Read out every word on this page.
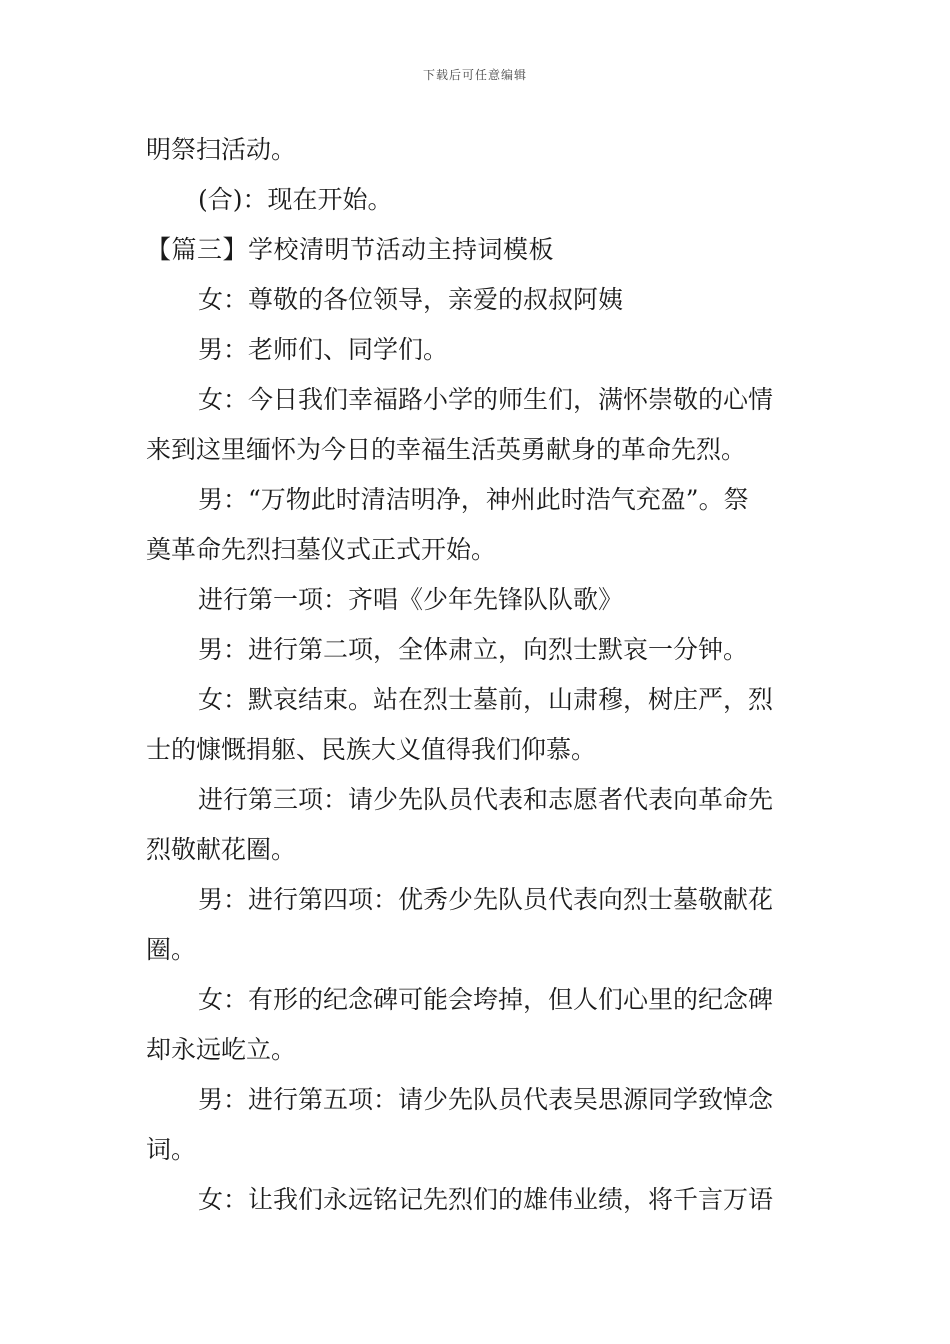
下载后可任意编辑
明祭扫活动。
(合)：现在开始。
【篇三】学校清明节活动主持词模板
女：尊敬的各位领导，亲爱的叔叔阿姨
男：老师们、同学们。
女：今日我们幸福路小学的师生们，满怀崇敬的心情
来到这里缅怀为今日的幸福生活英勇献身的革命先烈。
男：“万物此时清洁明净，神州此时浩气充盈”。祭
奠革命先烈扫墓仪式正式开始。
进行第一项：齐唱《少年先锋队队歌》
男：进行第二项，全体肃立，向烈士默哀一分钟。
女：默哀结束。站在烈士墓前，山肃穆，树庄严，烈
士的慷慨捐躯、民族大义值得我们仰慕。
进行第三项：请少先队员代表和志愿者代表向革命先
烈敬献花圈。
男：进行第四项：优秀少先队员代表向烈士墓敬献花
圈。
女：有形的纪念碑可能会垮掉，但人们心里的纪念碑
却永远屹立。
男：进行第五项：请少先队员代表吴思源同学致悼念
词。
女：让我们永远铭记先烈们的雄伟业绩，将千言万语
